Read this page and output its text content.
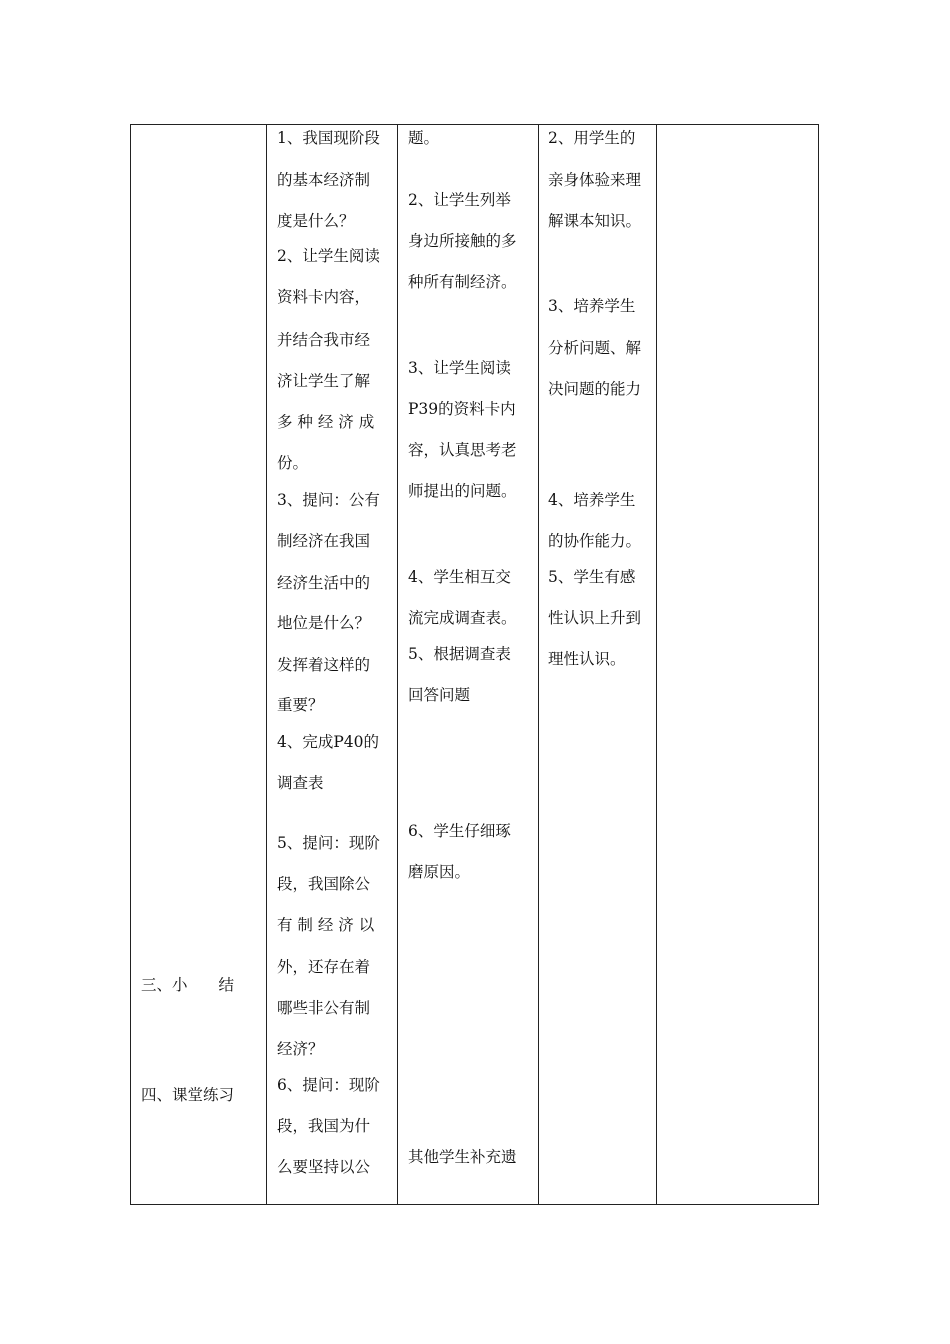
三、小　　结
四、课堂练习
1、我国现阶段
的基本经济制
度是什么？
2、让学生阅读
资料卡内容，
并结合我市经
济让学生了解
多 种 经 济 成
份。
3、提问：公有
制经济在我国
经济生活中的
地位是什么？
发挥着这样的
重要？
4、完成P40的
调查表
5、提问：现阶
段，我国除公
有 制 经 济 以
外，还存在着
哪些非公有制
经济？
6、提问：现阶
段，我国为什
么要坚持以公
题。
2、让学生列举
身边所接触的多
种所有制经济。
3、让学生阅读
P39的资料卡内
容，认真思考老
师提出的问题。
4、学生相互交
流完成调查表。
5、根据调查表
回答问题
6、学生仔细琢
磨原因。
其他学生补充遗
2、用学生的
亲身体验来理
解课本知识。
3、培养学生
分析问题、解
决问题的能力
4、培养学生
的协作能力。
5、学生有感
性认识上升到
理性认识。
